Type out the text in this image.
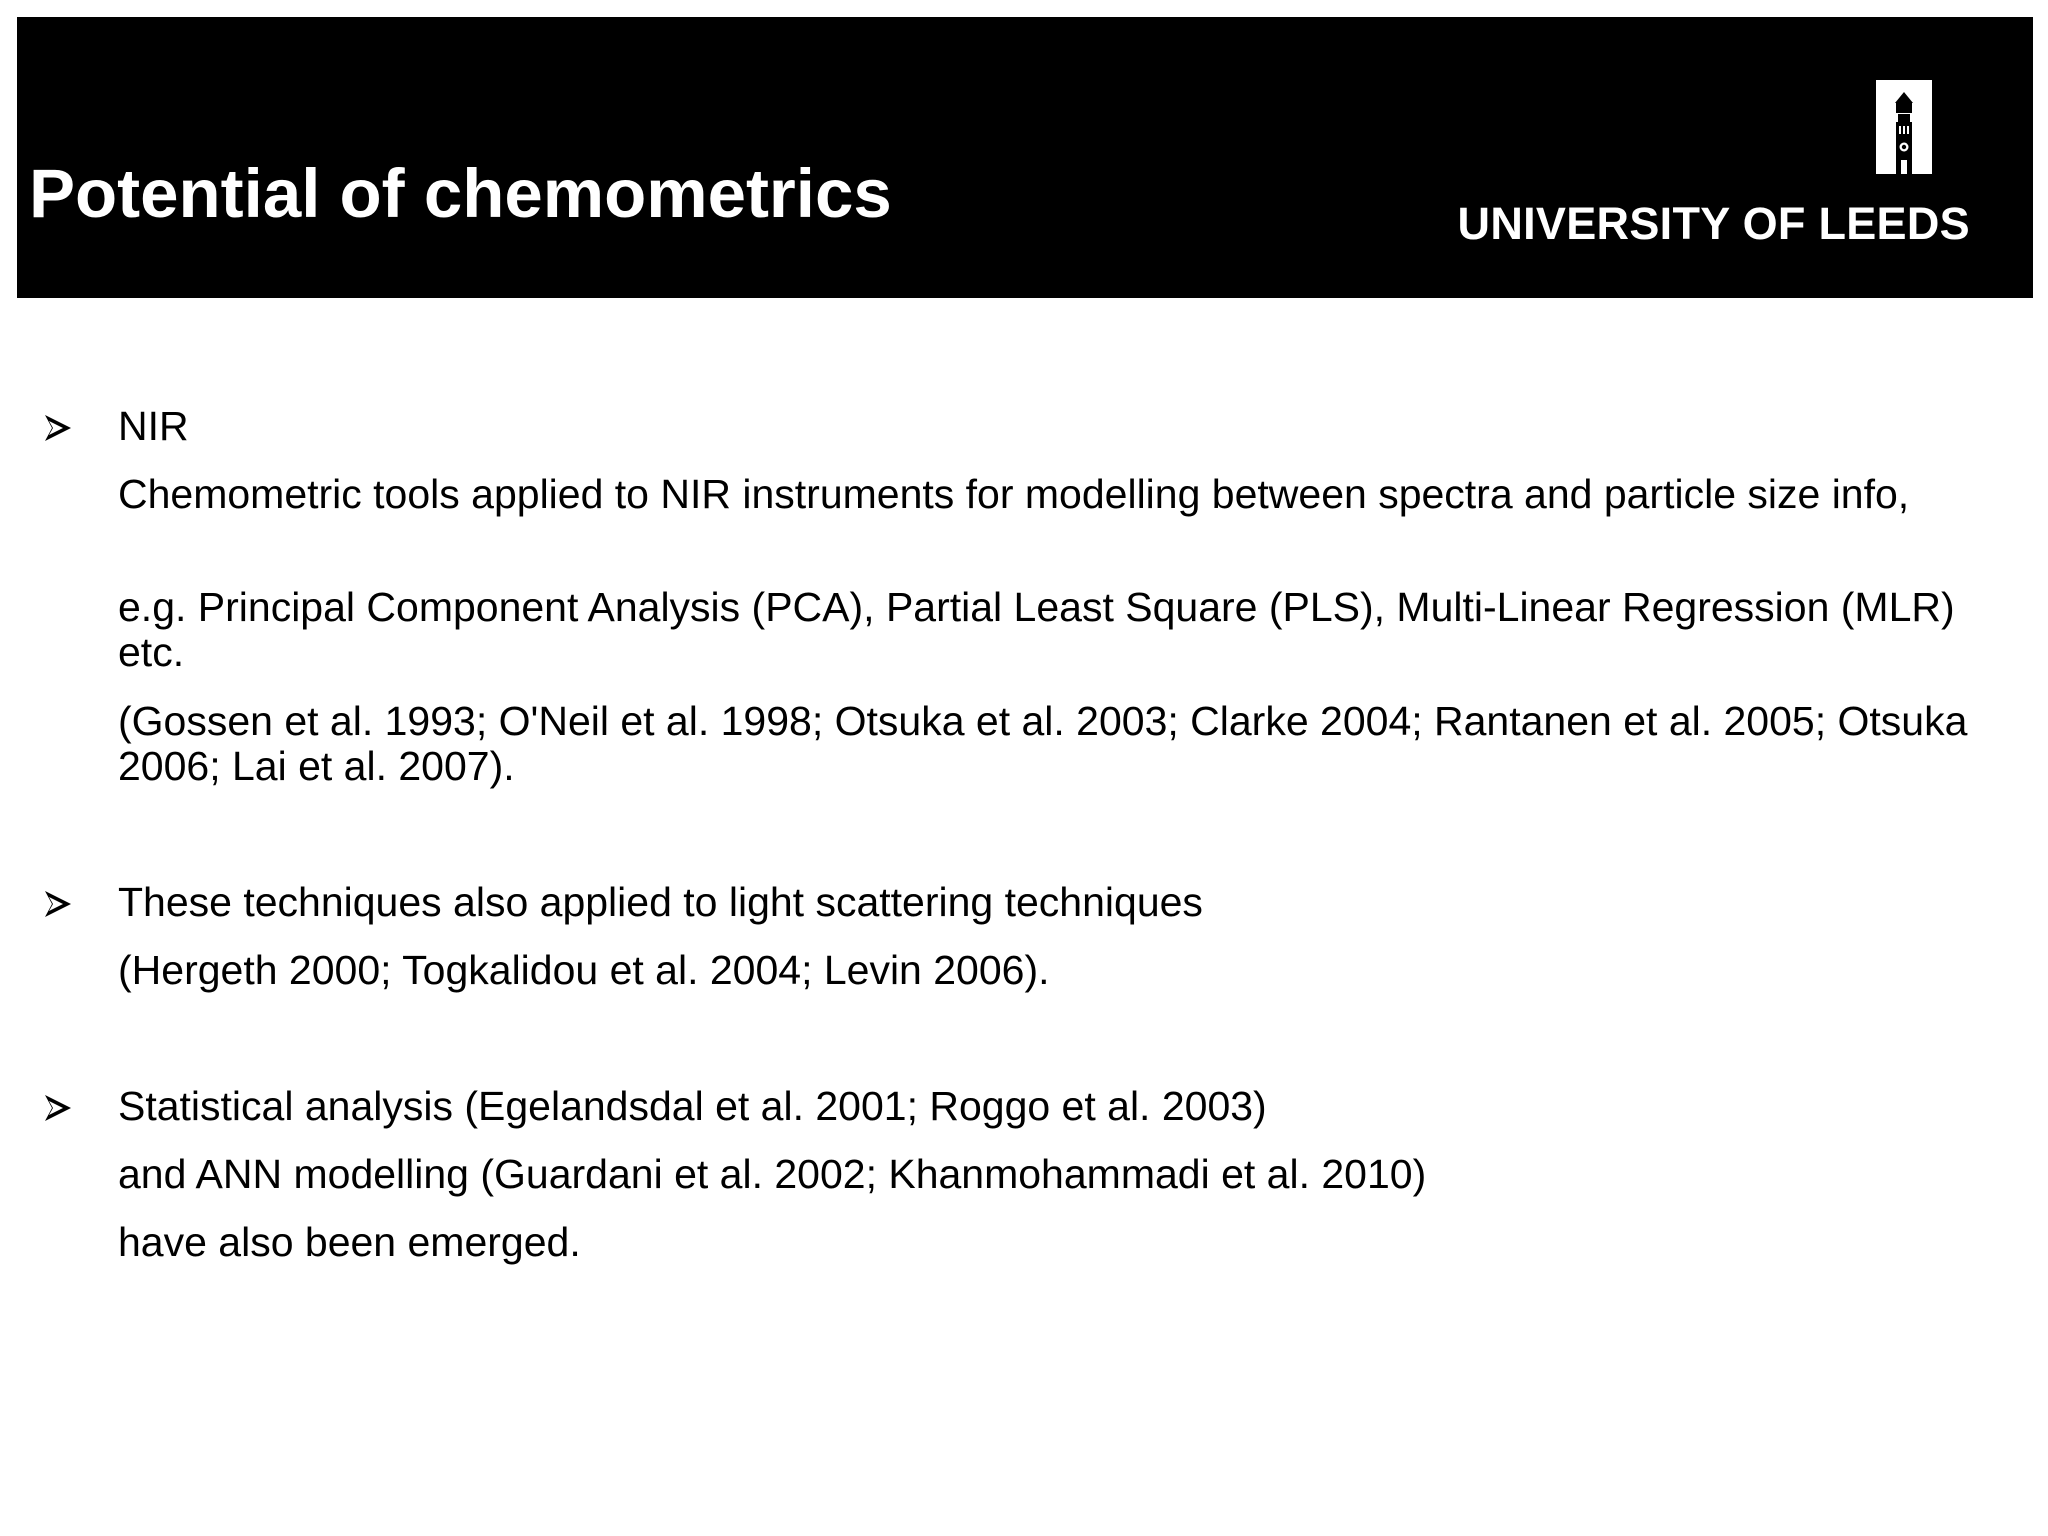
Potential of chemometrics	UNIVERSITY OF LEEDS
NIR
Chemometric tools applied to NIR instruments for modelling between spectra and particle size info,
e.g. Principal Component Analysis (PCA), Partial Least Square (PLS), Multi-Linear Regression (MLR) etc.
(Gossen et al. 1993; O'Neil et al. 1998; Otsuka et al. 2003; Clarke 2004; Rantanen et al. 2005; Otsuka 2006; Lai et al. 2007).
These techniques also applied to light scattering techniques
(Hergeth 2000; Togkalidou et al. 2004; Levin 2006).
Statistical analysis (Egelandsdal et al. 2001; Roggo et al. 2003)
and ANN modelling (Guardani et al. 2002; Khanmohammadi et al. 2010)
have also been emerged.
